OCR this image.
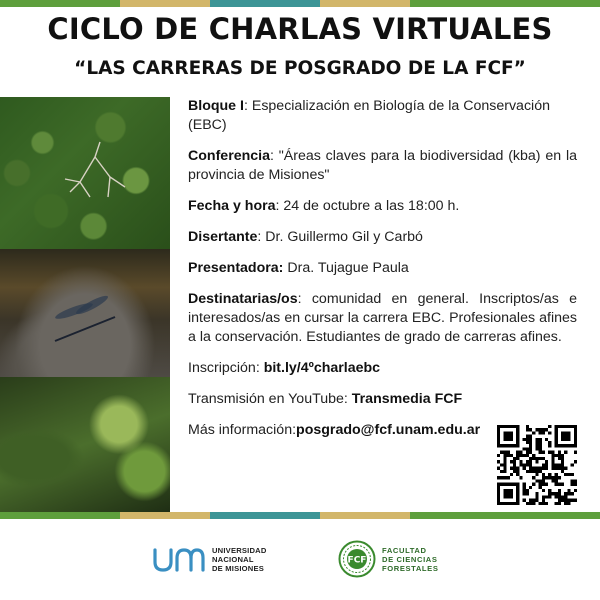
CICLO DE CHARLAS VIRTUALES
“LAS CARRERAS DE POSGRADO DE LA FCF”

Bloque I: Especialización en Biología de la Conservación (EBC)

Conferencia: "Áreas claves para la biodiversidad (kba) en la provincia de Misiones"

Fecha y hora: 24 de octubre a las 18:00 h.

Disertante: Dr. Guillermo Gil y Carbó

Presentadora: Dra. Tujague Paula

Destinatarias/os: comunidad en general. Inscriptos/as e interesados/as en cursar la carrera EBC. Profesionales afines a la conservación. Estudiantes de grado de carreras afines.

Inscripción: bit.ly/4ºcharlaebc

Transmisión en YouTube: Transmedia FCF

Más información:posgrado@fcf.unam.edu.ar

UNIVERSIDAD
NACIONAL
DE MISIONES
FCF
FACULTAD
DE CIENCIAS
FORESTALES
